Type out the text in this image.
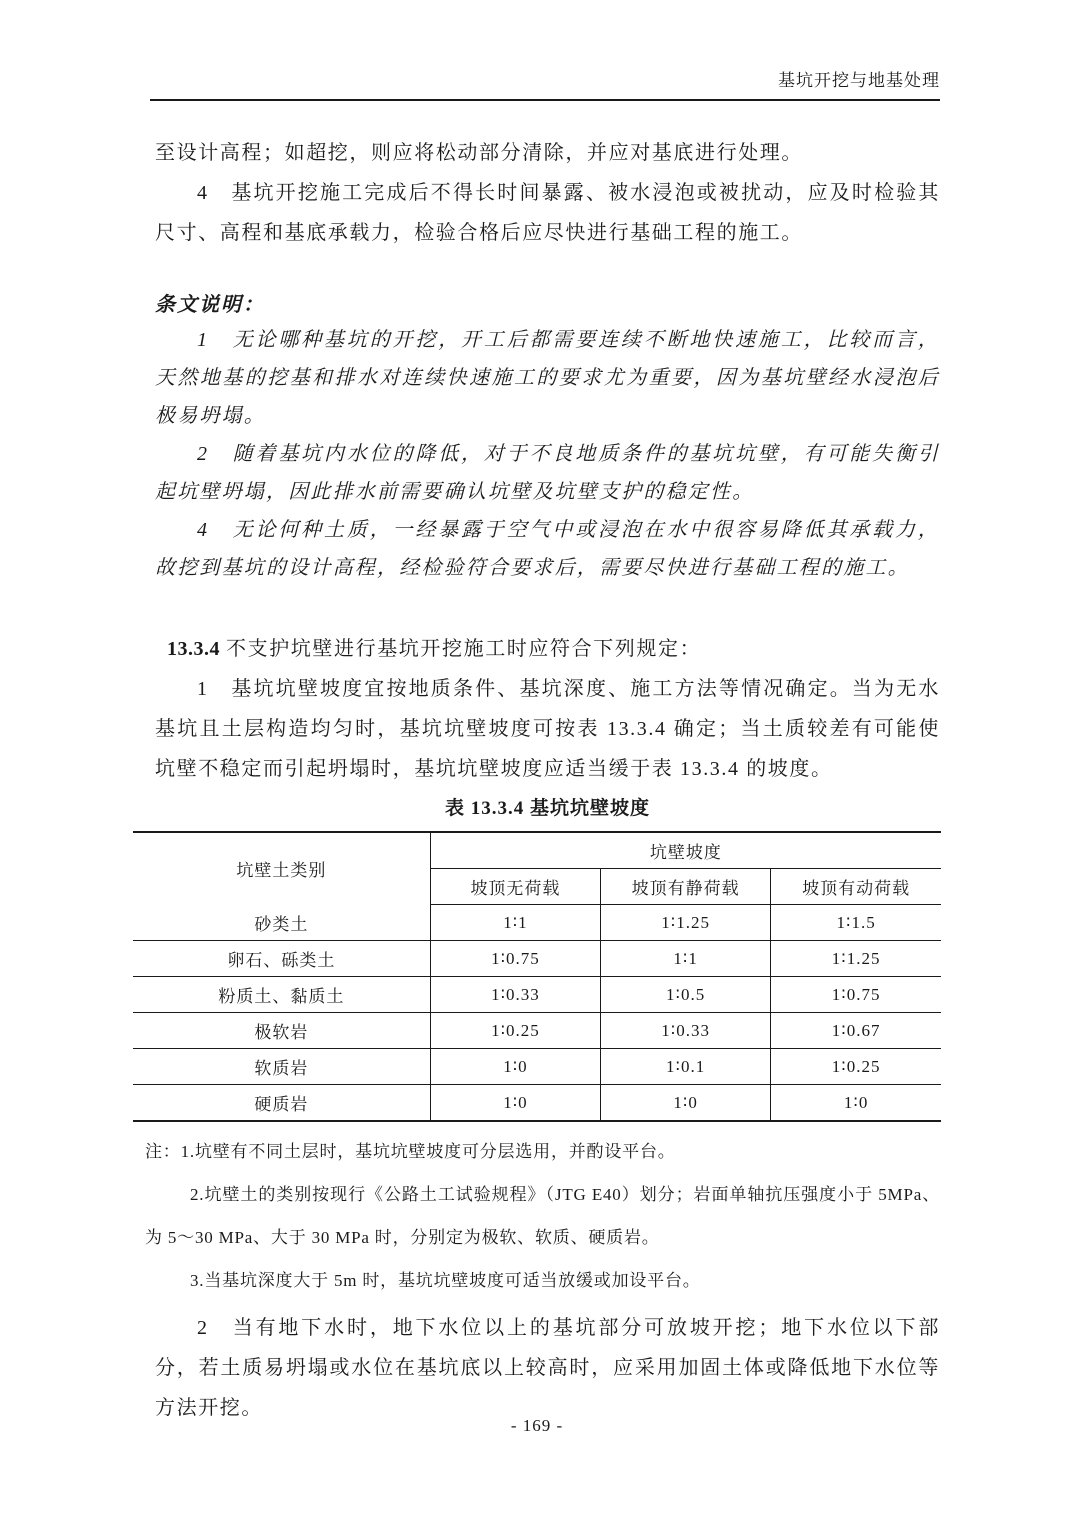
基坑开挖与地基处理

至设计高程；如超挖，则应将松动部分清除，并应对基底进行处理。

4　基坑开挖施工完成后不得长时间暴露、被水浸泡或被扰动，应及时检验其尺寸、高程和基底承载力，检验合格后应尽快进行基础工程的施工。

条文说明：

1　无论哪种基坑的开挖，开工后都需要连续不断地快速施工，比较而言，天然地基的挖基和排水对连续快速施工的要求尤为重要，因为基坑壁经水浸泡后极易坍塌。

2　随着基坑内水位的降低，对于不良地质条件的基坑坑壁，有可能失衡引起坑壁坍塌，因此排水前需要确认坑壁及坑壁支护的稳定性。

4　无论何种土质，一经暴露于空气中或浸泡在水中很容易降低其承载力，故挖到基坑的设计高程，经检验符合要求后，需要尽快进行基础工程的施工。

13.3.4 不支护坑壁进行基坑开挖施工时应符合下列规定：

1　基坑坑壁坡度宜按地质条件、基坑深度、施工方法等情况确定。当为无水基坑且土层构造均匀时，基坑坑壁坡度可按表 13.3.4 确定；当土质较差有可能使坑壁不稳定而引起坍塌时，基坑坑壁坡度应适当缓于表 13.3.4 的坡度。

表 13.3.4 基坑坑壁坡度
坑壁土类别	坑壁坡度		
	坡顶无荷载	坡顶有静荷载	坡顶有动荷载
砂类土	1∶1	1∶1.25	1∶1.5
卵石、砾类土	1∶0.75	1∶1	1∶1.25
粉质土、黏质土	1∶0.33	1∶0.5	1∶0.75
极软岩	1∶0.25	1∶0.33	1∶0.67
软质岩	1∶0	1∶0.1	1∶0.25
硬质岩	1∶0	1∶0	1∶0

注：1.坑壁有不同土层时，基坑坑壁坡度可分层选用，并酌设平台。

2.坑壁土的类别按现行《公路土工试验规程》（JTG E40）划分；岩面单轴抗压强度小于 5MPa、为 5～30 MPa、大于 30 MPa 时，分别定为极软、软质、硬质岩。

3.当基坑深度大于 5m 时，基坑坑壁坡度可适当放缓或加设平台。

2　当有地下水时，地下水位以上的基坑部分可放坡开挖；地下水位以下部分，若土质易坍塌或水位在基坑底以上较高时，应采用加固土体或降低地下水位等方法开挖。

- 169 -
